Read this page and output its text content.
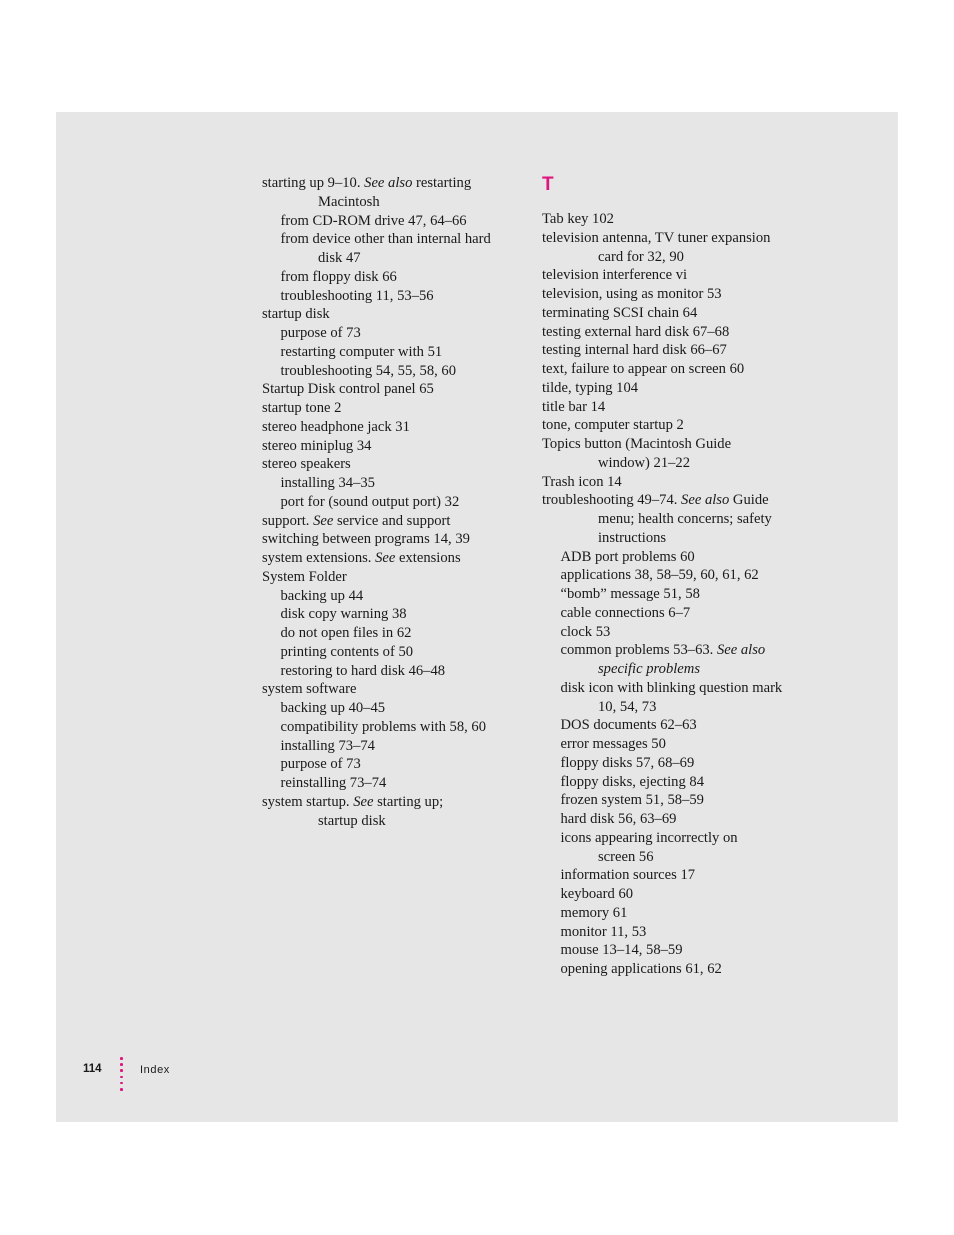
starting up 9–10. See also restarting
Macintosh
from CD-ROM drive 47, 64–66
from device other than internal hard
disk 47
from floppy disk 66
troubleshooting 11, 53–56
startup disk
purpose of 73
restarting computer with 51
troubleshooting 54, 55, 58, 60
Startup Disk control panel 65
startup tone 2
stereo headphone jack 31
stereo miniplug 34
stereo speakers
installing 34–35
port for (sound output port) 32
support. See service and support
switching between programs 14, 39
system extensions. See extensions
System Folder
backing up 44
disk copy warning 38
do not open files in 62
printing contents of 50
restoring to hard disk 46–48
system software
backing up 40–45
compatibility problems with 58, 60
installing 73–74
purpose of 73
reinstalling 73–74
system startup. See starting up;
startup disk
T
Tab key 102
television antenna, TV tuner expansion
card for 32, 90
television interference vi
television, using as monitor 53
terminating SCSI chain 64
testing external hard disk 67–68
testing internal hard disk 66–67
text, failure to appear on screen 60
tilde, typing 104
title bar 14
tone, computer startup 2
Topics button (Macintosh Guide
window) 21–22
Trash icon 14
troubleshooting 49–74. See also Guide
menu; health concerns; safety
instructions
ADB port problems 60
applications 38, 58–59, 60, 61, 62
“bomb” message 51, 58
cable connections 6–7
clock 53
common problems 53–63. See also
specific problems
disk icon with blinking question mark
10, 54, 73
DOS documents 62–63
error messages 50
floppy disks 57, 68–69
floppy disks, ejecting 84
frozen system 51, 58–59
hard disk 56, 63–69
icons appearing incorrectly on
screen 56
information sources 17
keyboard 60
memory 61
monitor 11, 53
mouse 13–14, 58–59
opening applications 61, 62
114	Index
